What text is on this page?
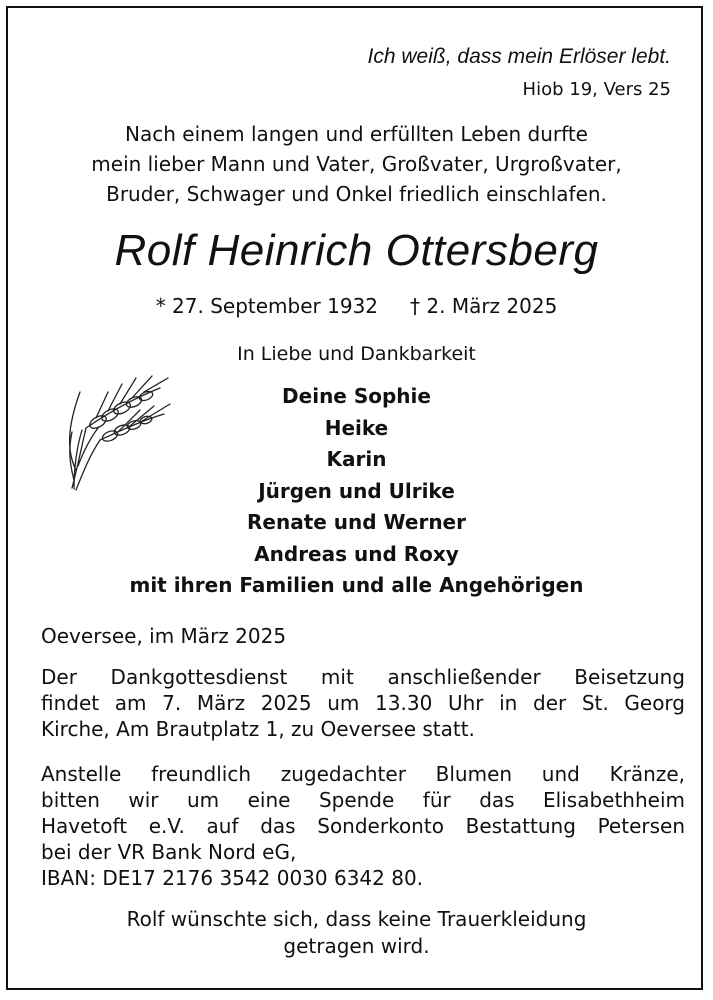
Ich weiß, dass mein Erlöser lebt.
Hiob 19, Vers 25
Nach einem langen und erfüllten Leben durfte
mein lieber Mann und Vater, Großvater, Urgroßvater,
Bruder, Schwager und Onkel friedlich einschlafen.
Rolf Heinrich Ottersberg
* 27. September 1932 † 2. März 2025
In Liebe und Dankbarkeit
Deine Sophie
Heike
Karin
Jürgen und Ulrike
Renate und Werner
Andreas und Roxy
mit ihren Familien und alle Angehörigen
Oeversee, im März 2025
Der Dankgottesdienst mit anschließender Beisetzung
findet am 7. März 2025 um 13.30 Uhr in der St. Georg
Kirche, Am Brautplatz 1, zu Oeversee statt.
Anstelle freundlich zugedachter Blumen und Kränze,
bitten wir um eine Spende für das Elisabethheim
Havetoft e.V. auf das Sonderkonto Bestattung Petersen
bei der VR Bank Nord eG,
IBAN: DE17 2176 3542 0030 6342 80.
Rolf wünschte sich, dass keine Trauerkleidung
getragen wird.
